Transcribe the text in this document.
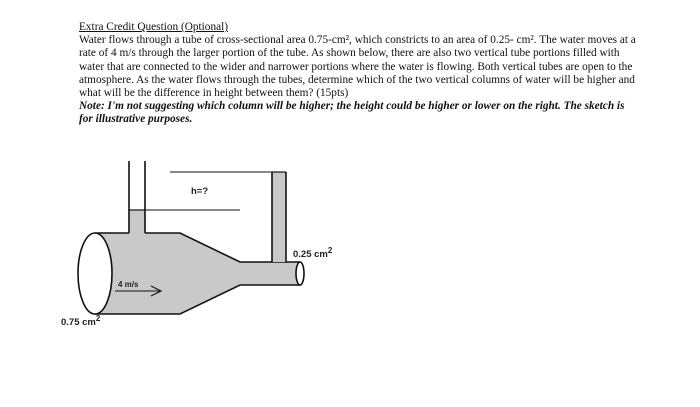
Extra Credit Question (Optional)

Water flows through a tube of cross-sectional area 0.75-cm², which constricts to an area of 0.25- cm². The water moves at a rate of 4 m/s through the larger portion of the tube. As shown below, there are also two vertical tube portions filled with water that are connected to the wider and narrower portions where the water is flowing. Both vertical tubes are open to the atmosphere. As the water flows through the tubes, determine which of the two vertical columns of water will be higher and what will be the difference in height between them? (15pts)

Note: I'm not suggesting which column will be higher; the height could be higher or lower on the right. The sketch is for illustrative purposes.

h=?
4 m/s
0.25 $cm^2$
0.75 $cm^2$
